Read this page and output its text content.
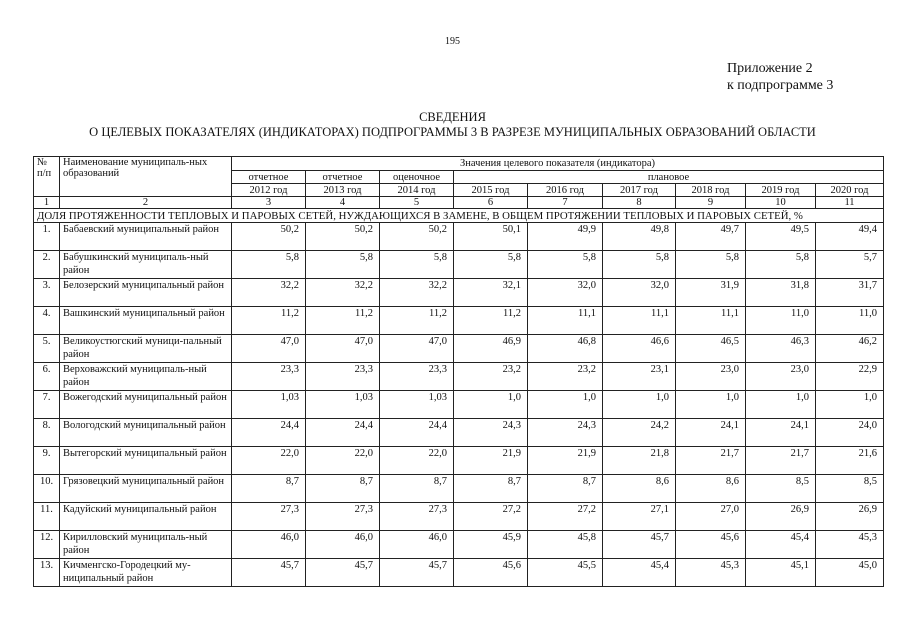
195
Приложение 2
к подпрограмме 3
СВЕДЕНИЯ
О ЦЕЛЕВЫХ ПОКАЗАТЕЛЯХ (ИНДИКАТОРАХ) ПОДПРОГРАММЫ 3 В РАЗРЕЗЕ МУНИЦИПАЛЬНЫХ ОБРАЗОВАНИЙ ОБЛАСТИ
№ п/п	Наименование муниципаль-ных образований	Значения целевого показателя (индикатора)								
		отчетное	отчетное	оценочное	плановое					
		2012 год	2013 год	2014 год	2015 год	2016 год	2017 год	2018 год	2019 год	2020 год
1	2	3	4	5	6	7	8	9	10	11
ДОЛЯ ПРОТЯЖЕННОСТИ ТЕПЛОВЫХ И ПАРОВЫХ СЕТЕЙ, НУЖДАЮЩИХСЯ В ЗАМЕНЕ, В ОБЩЕМ ПРОТЯЖЕНИИ ТЕПЛОВЫХ И ПАРОВЫХ СЕТЕЙ, %										
1.	Бабаевский муниципальный район	50,2	50,2	50,2	50,1	49,9	49,8	49,7	49,5	49,4
2.	Бабушкинский муниципаль-ный район	5,8	5,8	5,8	5,8	5,8	5,8	5,8	5,8	5,7
3.	Белозерский муниципальный район	32,2	32,2	32,2	32,1	32,0	32,0	31,9	31,8	31,7
4.	Вашкинский муниципальный район	11,2	11,2	11,2	11,2	11,1	11,1	11,1	11,0	11,0
5.	Великоустюгский муници-пальный район	47,0	47,0	47,0	46,9	46,8	46,6	46,5	46,3	46,2
6.	Верховажский муниципаль-ный район	23,3	23,3	23,3	23,2	23,2	23,1	23,0	23,0	22,9
7.	Вожегодский муниципальный район	1,03	1,03	1,03	1,0	1,0	1,0	1,0	1,0	1,0
8.	Вологодский муниципальный район	24,4	24,4	24,4	24,3	24,3	24,2	24,1	24,1	24,0
9.	Вытегорский муниципальный район	22,0	22,0	22,0	21,9	21,9	21,8	21,7	21,7	21,6
10.	Грязовецкий муниципальный район	8,7	8,7	8,7	8,7	8,7	8,6	8,6	8,5	8,5
11.	Кадуйский муниципальный район	27,3	27,3	27,3	27,2	27,2	27,1	27,0	26,9	26,9
12.	Кирилловский муниципаль-ный район	46,0	46,0	46,0	45,9	45,8	45,7	45,6	45,4	45,3
13.	Кичменгско-Городецкий му-ниципальный район	45,7	45,7	45,7	45,6	45,5	45,4	45,3	45,1	45,0
